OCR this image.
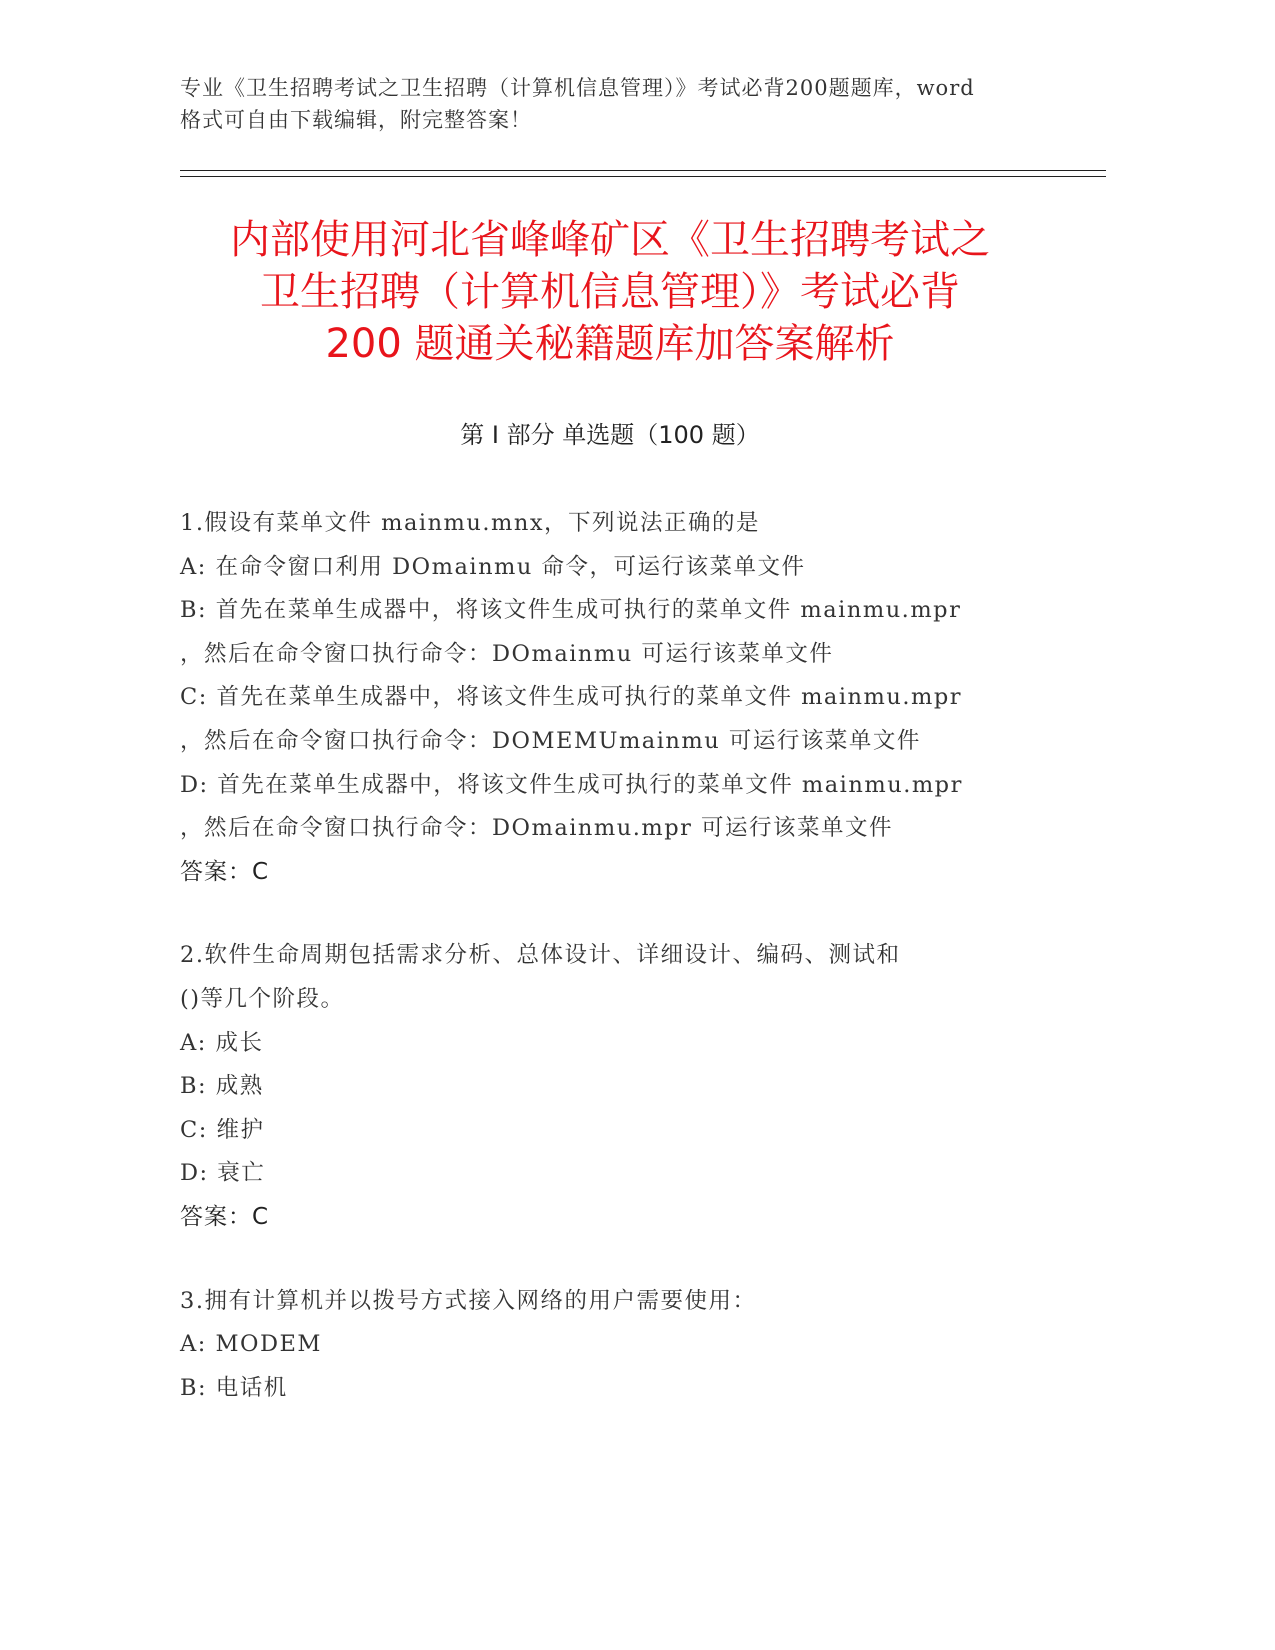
专业《卫生招聘考试之卫生招聘（计算机信息管理）》考试必背200题题库，word
格式可自由下载编辑，附完整答案！
内部使用河北省峰峰矿区《卫生招聘考试之
卫生招聘（计算机信息管理）》考试必背
200 题通关秘籍题库加答案解析
第 I 部分 单选题（100 题）
1.假设有菜单文件 mainmu.mnx，下列说法正确的是
A: 在命令窗口利用 DOmainmu 命令，可运行该菜单文件
B: 首先在菜单生成器中，将该文件生成可执行的菜单文件 mainmu.mpr
，然后在命令窗口执行命令：DOmainmu 可运行该菜单文件
C: 首先在菜单生成器中，将该文件生成可执行的菜单文件 mainmu.mpr
，然后在命令窗口执行命令：DOMEMUmainmu 可运行该菜单文件
D: 首先在菜单生成器中，将该文件生成可执行的菜单文件 mainmu.mpr
，然后在命令窗口执行命令：DOmainmu.mpr 可运行该菜单文件
答案：C
2.软件生命周期包括需求分析、总体设计、详细设计、编码、测试和
()等几个阶段。
A: 成长
B: 成熟
C: 维护
D: 衰亡
答案：C
3.拥有计算机并以拨号方式接入网络的用户需要使用：
A: MODEM
B: 电话机
